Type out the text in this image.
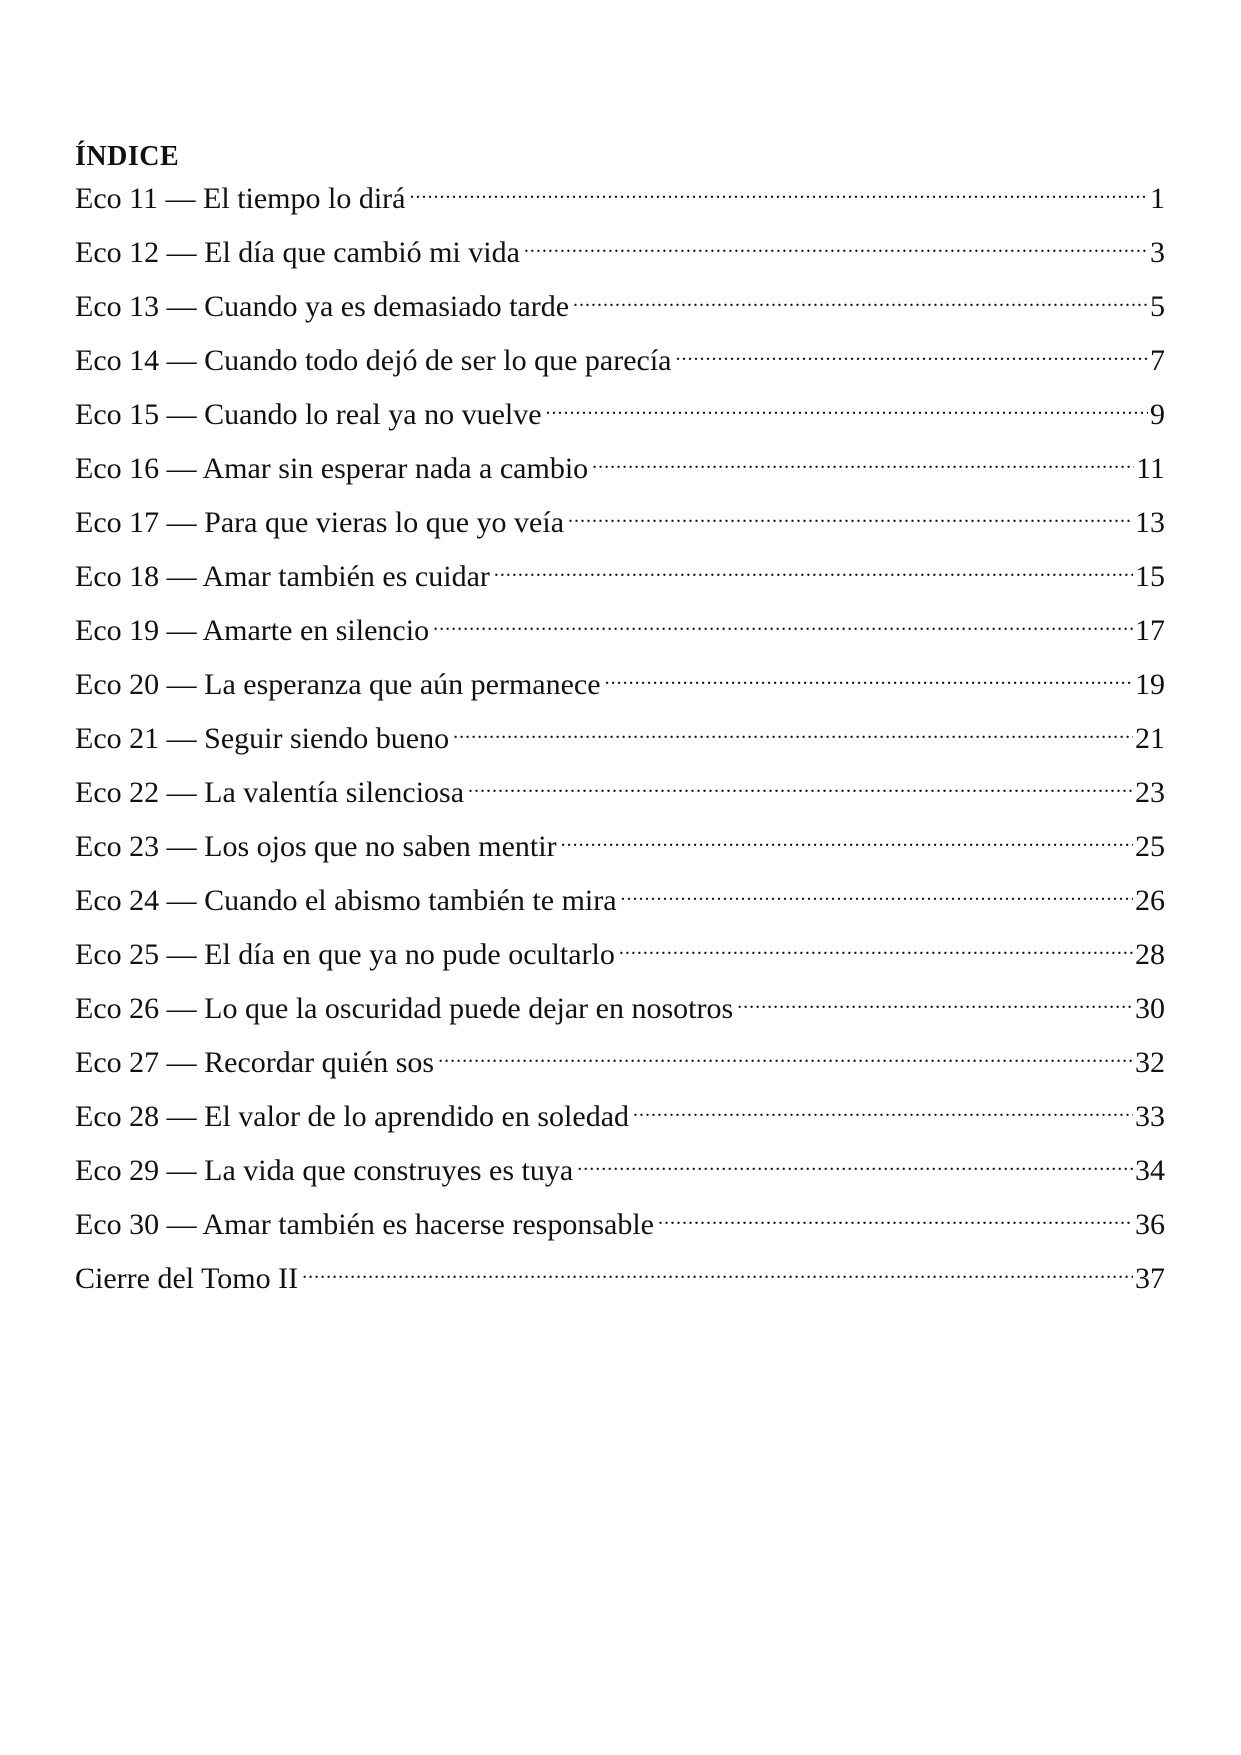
ÍNDICE
Eco 11 — El tiempo lo dirá .....	1
Eco 12 — El día que cambió mi vida .....	3
Eco 13 — Cuando ya es demasiado tarde .....	5
Eco 14 — Cuando todo dejó de ser lo que parecía .....	7
Eco 15 — Cuando lo real ya no vuelve .....	9
Eco 16 — Amar sin esperar nada a cambio .....	11
Eco 17 — Para que vieras lo que yo veía .....	13
Eco 18 — Amar también es cuidar .....	15
Eco 19 — Amarte en silencio .....	17
Eco 20 — La esperanza que aún permanece .....	19
Eco 21 — Seguir siendo bueno .....	21
Eco 22 — La valentía silenciosa .....	23
Eco 23 — Los ojos que no saben mentir .....	25
Eco 24 — Cuando el abismo también te mira .....	26
Eco 25 — El día en que ya no pude ocultarlo .....	28
Eco 26 — Lo que la oscuridad puede dejar en nosotros .....	30
Eco 27 — Recordar quién sos .....	32
Eco 28 — El valor de lo aprendido en soledad .....	33
Eco 29 — La vida que construyes es tuya .....	34
Eco 30 — Amar también es hacerse responsable .....	36
Cierre del Tomo II .....	37
